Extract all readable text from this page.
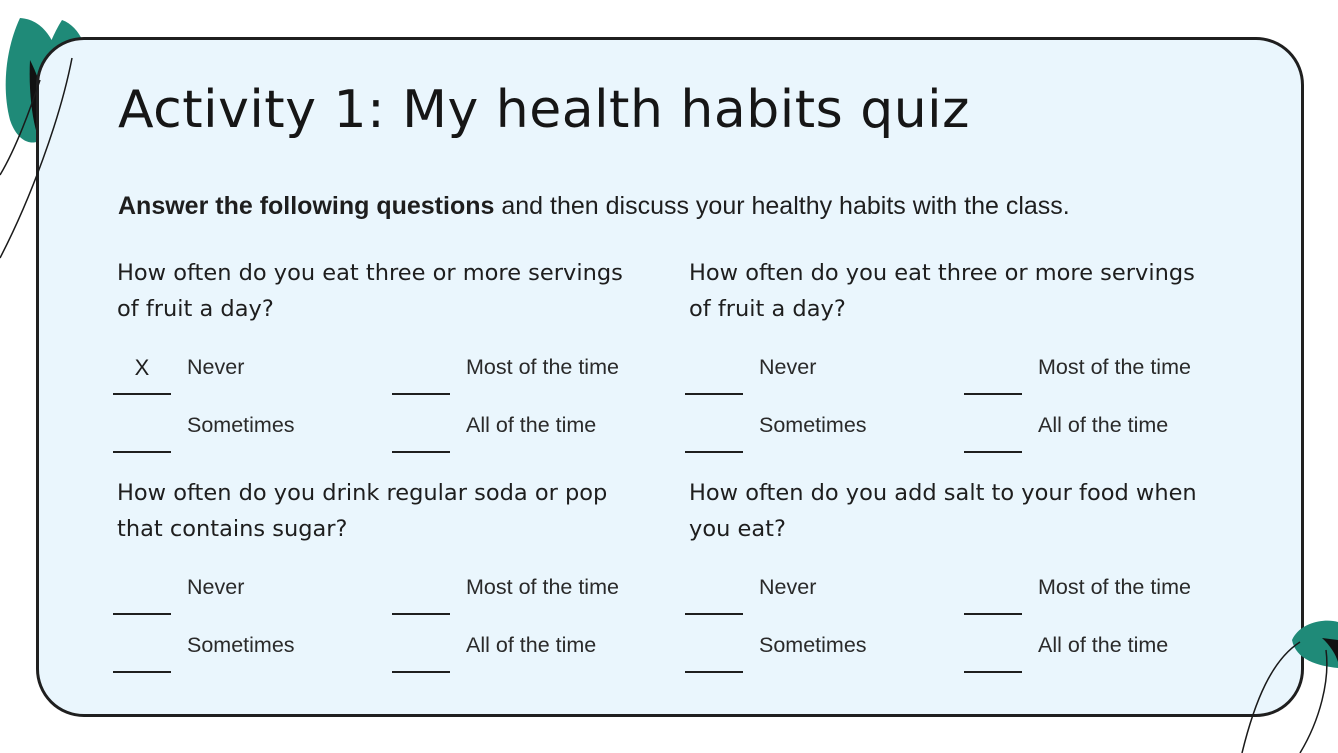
Activity 1: My health habits quiz

Answer the following questions and then discuss your healthy habits with the class.

How often do you eat three or more servings
of fruit a day?
X	Never	Most of the time
Sometimes	All of the time
How often do you eat three or more servings
of fruit a day?
Never	Most of the time
Sometimes	All of the time
How often do you drink regular soda or pop
that contains sugar?
Never	Most of the time
Sometimes	All of the time
How often do you add salt to your food when
you eat?
Never	Most of the time
Sometimes	All of the time
